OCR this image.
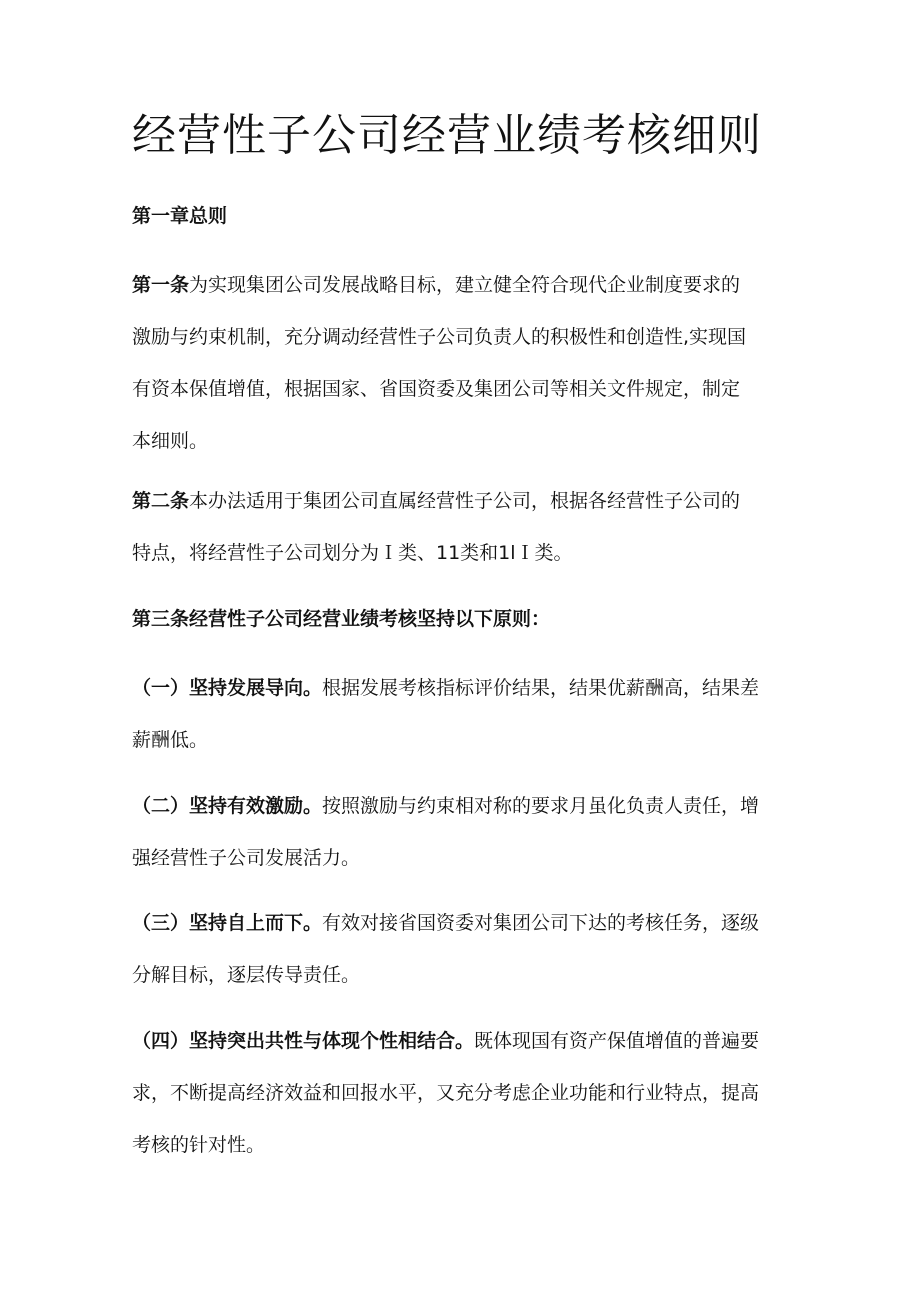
经营性子公司经营业绩考核细则
第一章总则
第一条为实现集团公司发展战略目标，建立健全符合现代企业制度要求的
激励与约束机制，充分调动经营性子公司负责人的积极性和创造性,实现国
有资本保值增值，根据国家、省国资委及集团公司等相关文件规定，制定
本细则。
第二条本办法适用于集团公司直属经营性子公司，根据各经营性子公司的
特点，将经营性子公司划分为Ｉ类、11类和1lＩ类。
第三条经营性子公司经营业绩考核坚持以下原则：
（一）坚持发展导向。根据发展考核指标评价结果，结果优薪酬高，结果差
薪酬低。
（二）坚持有效激励。按照激励与约束相对称的要求月虽化负责人责任，增
强经营性子公司发展活力。
（三）坚持自上而下。有效对接省国资委对集团公司下达的考核任务，逐级
分解目标，逐层传导责任。
（四）坚持突出共性与体现个性相结合。既体现国有资产保值增值的普遍要
求，不断提高经济效益和回报水平，又充分考虑企业功能和行业特点，提高
考核的针对性。
